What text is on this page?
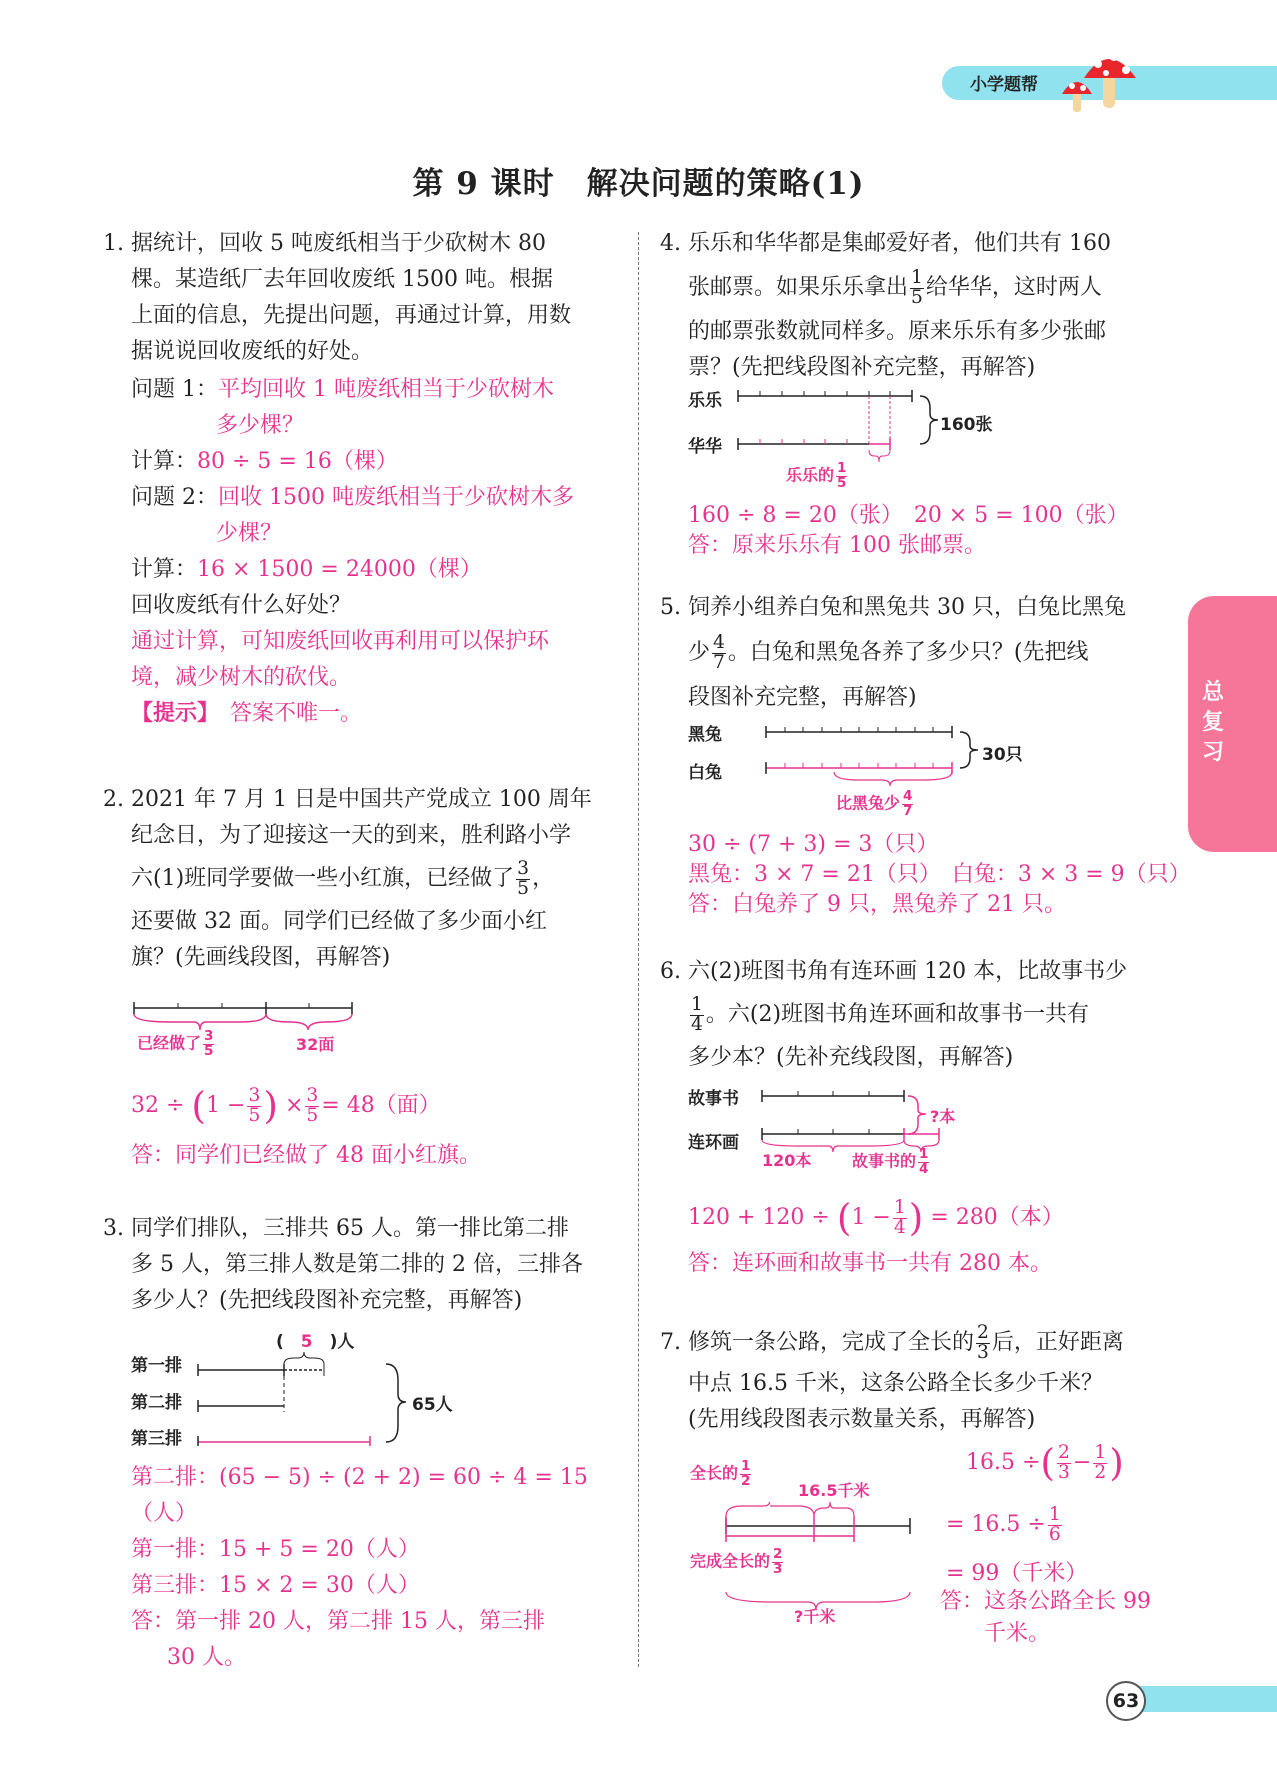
小学题帮
第 9 课时　解决问题的策略(1)
总复习
1. 据统计，回收 5 吨废纸相当于少砍树木 80
棵。某造纸厂去年回收废纸 1500 吨。根据
上面的信息，先提出问题，再通过计算，用数
据说说回收废纸的好处。
问题 1：平均回收 1 吨废纸相当于少砍树木
多少棵？
计算：80 ÷ 5 = 16（棵）
问题 2：回收 1500 吨废纸相当于少砍树木多
少棵？
计算：16 × 1500 = 24000（棵）
回收废纸有什么好处？
通过计算，可知废纸回收再利用可以保护环
境，减少树木的砍伐。
【提示】　 答案不唯一。
2. 2021 年 7 月 1 日是中国共产党成立 100 周年
纪念日，为了迎接这一天的到来，胜利路小学
六(1)班同学要做一些小红旗，已经做了 $\frac{3}{5}$ ，
还要做 32 面。同学们已经做了多少面小红
旗？(先画线段图，再解答)
已经做了 $\frac{3}{5}$	32面
$32 \div (1 - \frac{3}{5}$ ) × $\frac{3}{5} = 48$（面）
答：同学们已经做了 48 面小红旗。
3. 同学们排队，三排共 65 人。第一排比第二排
多 5 人，第三排人数是第二排的 2 倍，三排各
多少人？(先把线段图补充完整，再解答)
第一排
第二排
第三排
(　5　)人
65人
第二排：(65 − 5) ÷ (2 + 2) = 60 ÷ 4 = 15（人）
第一排：15 + 5 = 20（人）
第三排：15 × 2 = 30（人）
答：第一排 20 人，第二排 15 人，第三排
30 人。
4. 乐乐和华华都是集邮爱好者，他们共有 160
张邮票。如果乐乐拿出 $\frac{1}{5}$ 给华华，这时两人
的邮票张数就同样多。原来乐乐有多少张邮
票？(先把线段图补充完整，再解答)
乐乐
华华
160张
乐乐的 $\frac{1}{5}$
160 ÷ 8 = 20（张）　20 × 5 = 100（张）
答：原来乐乐有 100 张邮票。
5. 饲养小组养白兔和黑兔共 30 只，白兔比黑兔
少 $\frac{4}{7}$ 。白兔和黑兔各养了多少只？(先把线
段图补充完整，再解答)
黑兔
白兔
30只
比黑兔少 $\frac{4}{7}$
30 ÷ (7 + 3) = 3（只）
黑兔：3 × 7 = 21（只）　白兔：3 × 3 = 9（只）
答：白兔养了 9 只，黑兔养了 21 只。
6. 六(2)班图书角有连环画 120 本，比故事书少
$\frac{1}{4}$ 。六(2)班图书角连环画和故事书一共有
多少本？(先补充线段图，再解答)
故事书
连环画
?本
120本	故事书的 $\frac{1}{4}$
$120 + 120 \div (1 - \frac{1}{4}$ ) = 280（本）
答：连环画和故事书一共有 280 本。
7. 修筑一条公路，完成了全长的 $\frac{2}{3}$ 后，正好距离
中点 16.5 千米，这条公路全长多少千米？
(先用线段图表示数量关系，再解答)
全长的 $\frac{1}{2}$
16.5千米
完成全长的 $\frac{2}{3}$
?千米
16.5 ÷( $\frac{2}{3} - \frac{1}{2}$ )
= $16.5 \div \frac{1}{6}$
= 99（千米）
答：这条公路全长 99
千米。
63
